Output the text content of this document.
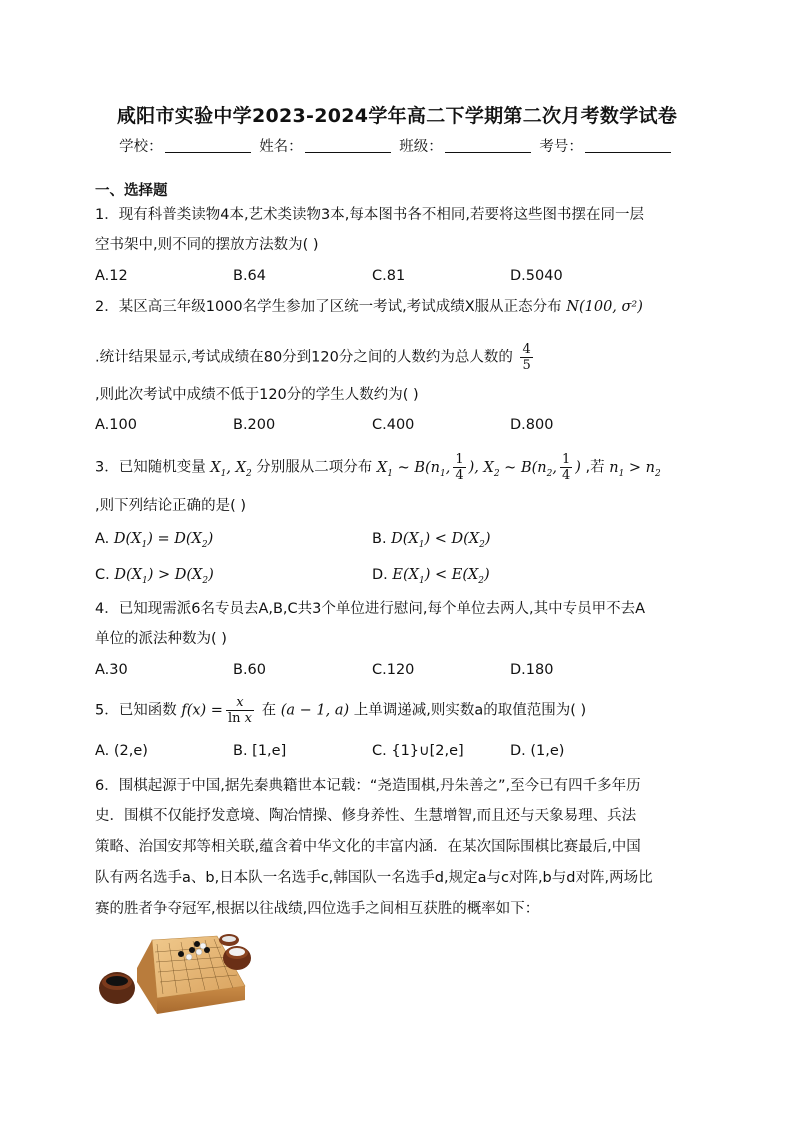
咸阳市实验中学2023-2024学年高二下学期第二次月考数学试卷
学校：	姓名：	班级：	考号：
一、选择题
1．现有科普类读物4本,艺术类读物3本,每本图书各不相同,若要将这些图书摆在同一层
空书架中,则不同的摆放方法数为( )
A.12	B.64	C.81	D.5040
2．某区高三年级1000名学生参加了区统一考试,考试成绩X服从正态分布 N(100, σ²)
.统计结果显示,考试成绩在80分到120分之间的人数约为总人数的 $\frac{4}{5}$
,则此次考试中成绩不低于120分的学生人数约为( )
A.100	B.200	C.400	D.800
3．已知随机变量 $X_1$, $X_2$ 分别服从二项分布 $X_1$ ~ $B(n_1$, $\frac{1}{4}$ ), $X_2$ ~ $B(n_2$, $\frac{1}{4}$ ) ,若 $n_1 > n_2$
,则下列结论正确的是( )
A. $D(X_1) = D(X_2)$	B. $D(X_1) < D(X_2)$
C. $D(X_1) > D(X_2)$	D. $E(X_1) < E(X_2)$
4．已知现需派6名专员去A,B,C共3个单位进行慰问,每个单位去两人,其中专员甲不去A
单位的派法种数为( )
A.30	B.60	C.120	D.180
5．已知函数 $f(x) = \frac{x}{\text{ln x}}$ 在 (a − 1, a) 上单调递减,则实数a的取值范围为( )
A. (2,e)	B. [1,e]	C. {1}∪[2,e]	D. (1,e)
6．围棋起源于中国,据先秦典籍世本记载：“尧造围棋,丹朱善之”,至今已有四千多年历
史．围棋不仅能抒发意境、陶冶情操、修身养性、生慧增智,而且还与天象易理、兵法
策略、治国安邦等相关联,蕴含着中华文化的丰富内涵．在某次国际围棋比赛最后,中国
队有两名选手a、b,日本队一名选手c,韩国队一名选手d,规定a与c对阵,b与d对阵,两场比
赛的胜者争夺冠军,根据以往战绩,四位选手之间相互获胜的概率如下：
